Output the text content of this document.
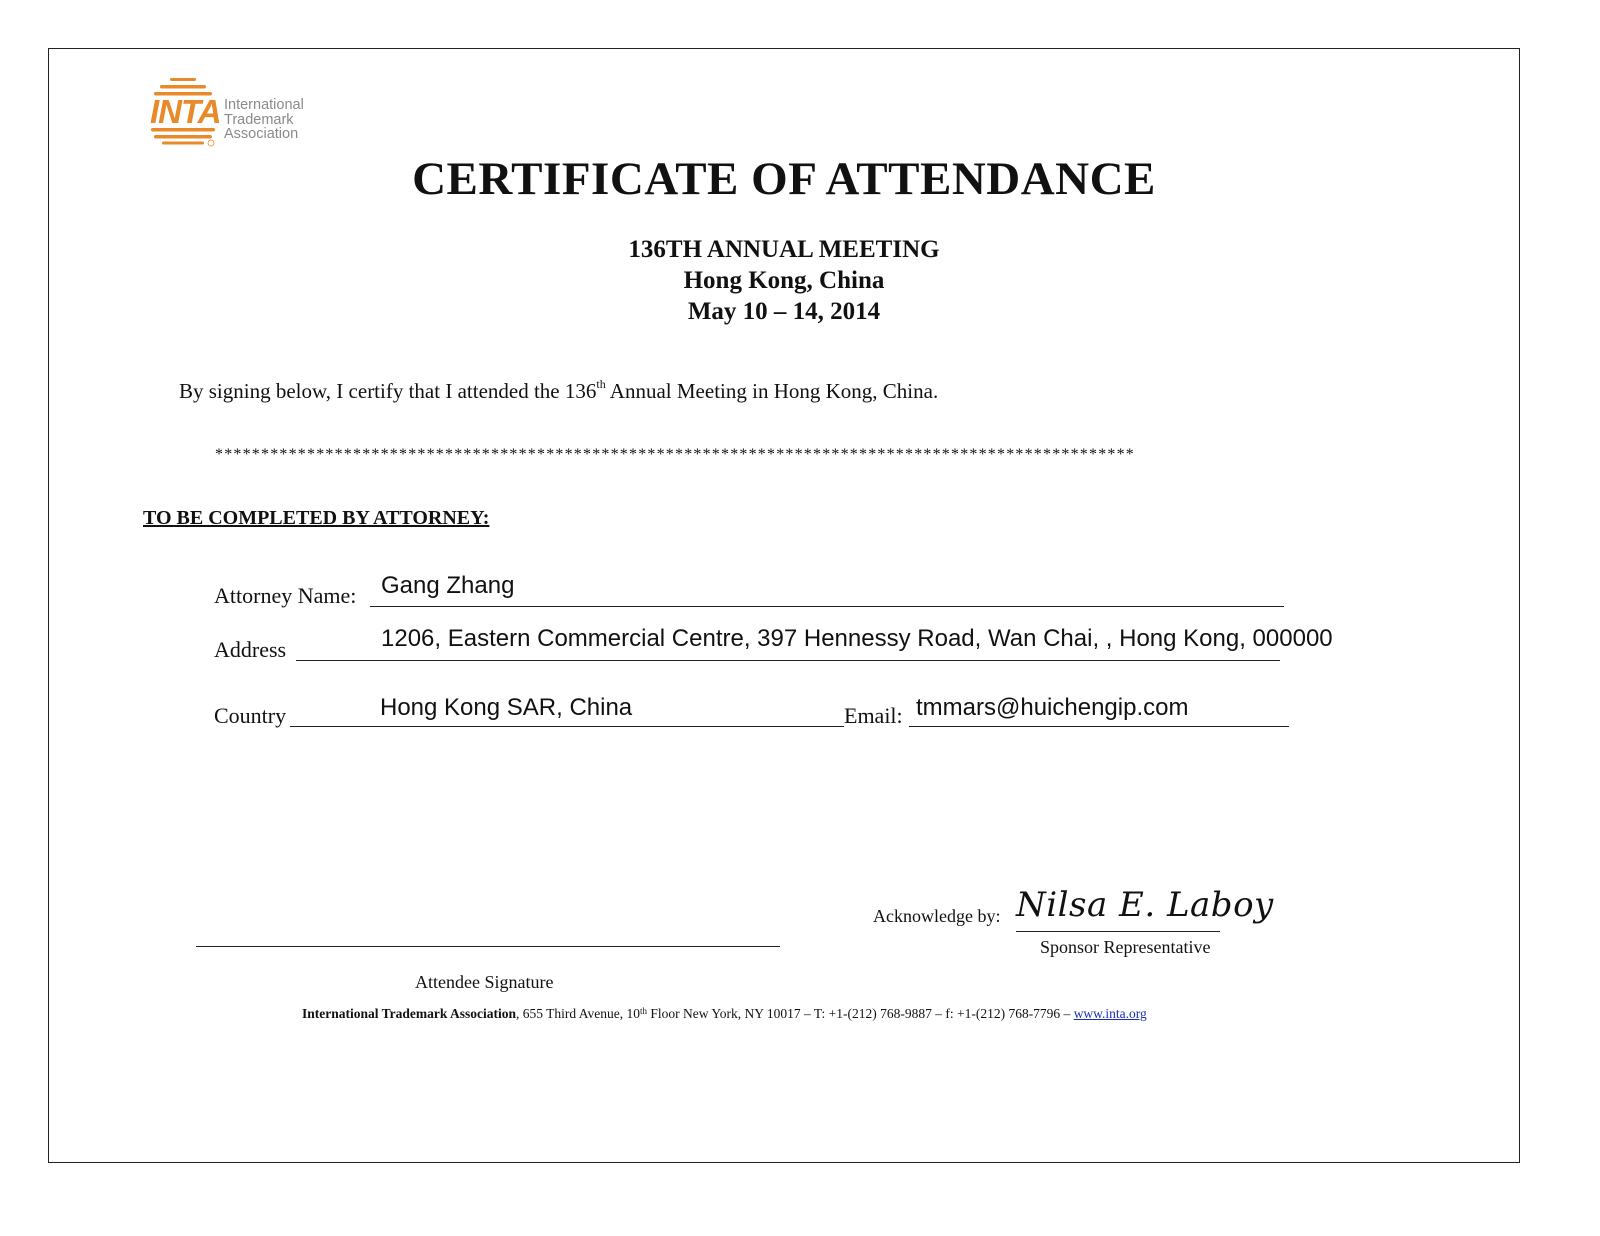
INTA International
Trademark
Association
CERTIFICATE OF ATTENDANCE
136TH ANNUAL MEETING
Hong Kong, China
May 10 – 14, 2014
By signing below, I certify that I attended the 136th Annual Meeting in Hong Kong, China.
****************************************************************************************************
TO BE COMPLETED BY ATTORNEY:
Attorney Name: Gang Zhang
Address	1206, Eastern Commercial Centre, 397 Hennessy Road, Wan Chai, , Hong Kong, 000000
Country	Hong Kong SAR, China	Email: tmmars@huichengip.com
Acknowledge by: Nilsa E. Laboy
Sponsor Representative
Attendee Signature
International Trademark Association, 655 Third Avenue, 10th Floor New York, NY 10017 – T: +1-(212) 768-9887 – f: +1-(212) 768-7796 – www.inta.org
